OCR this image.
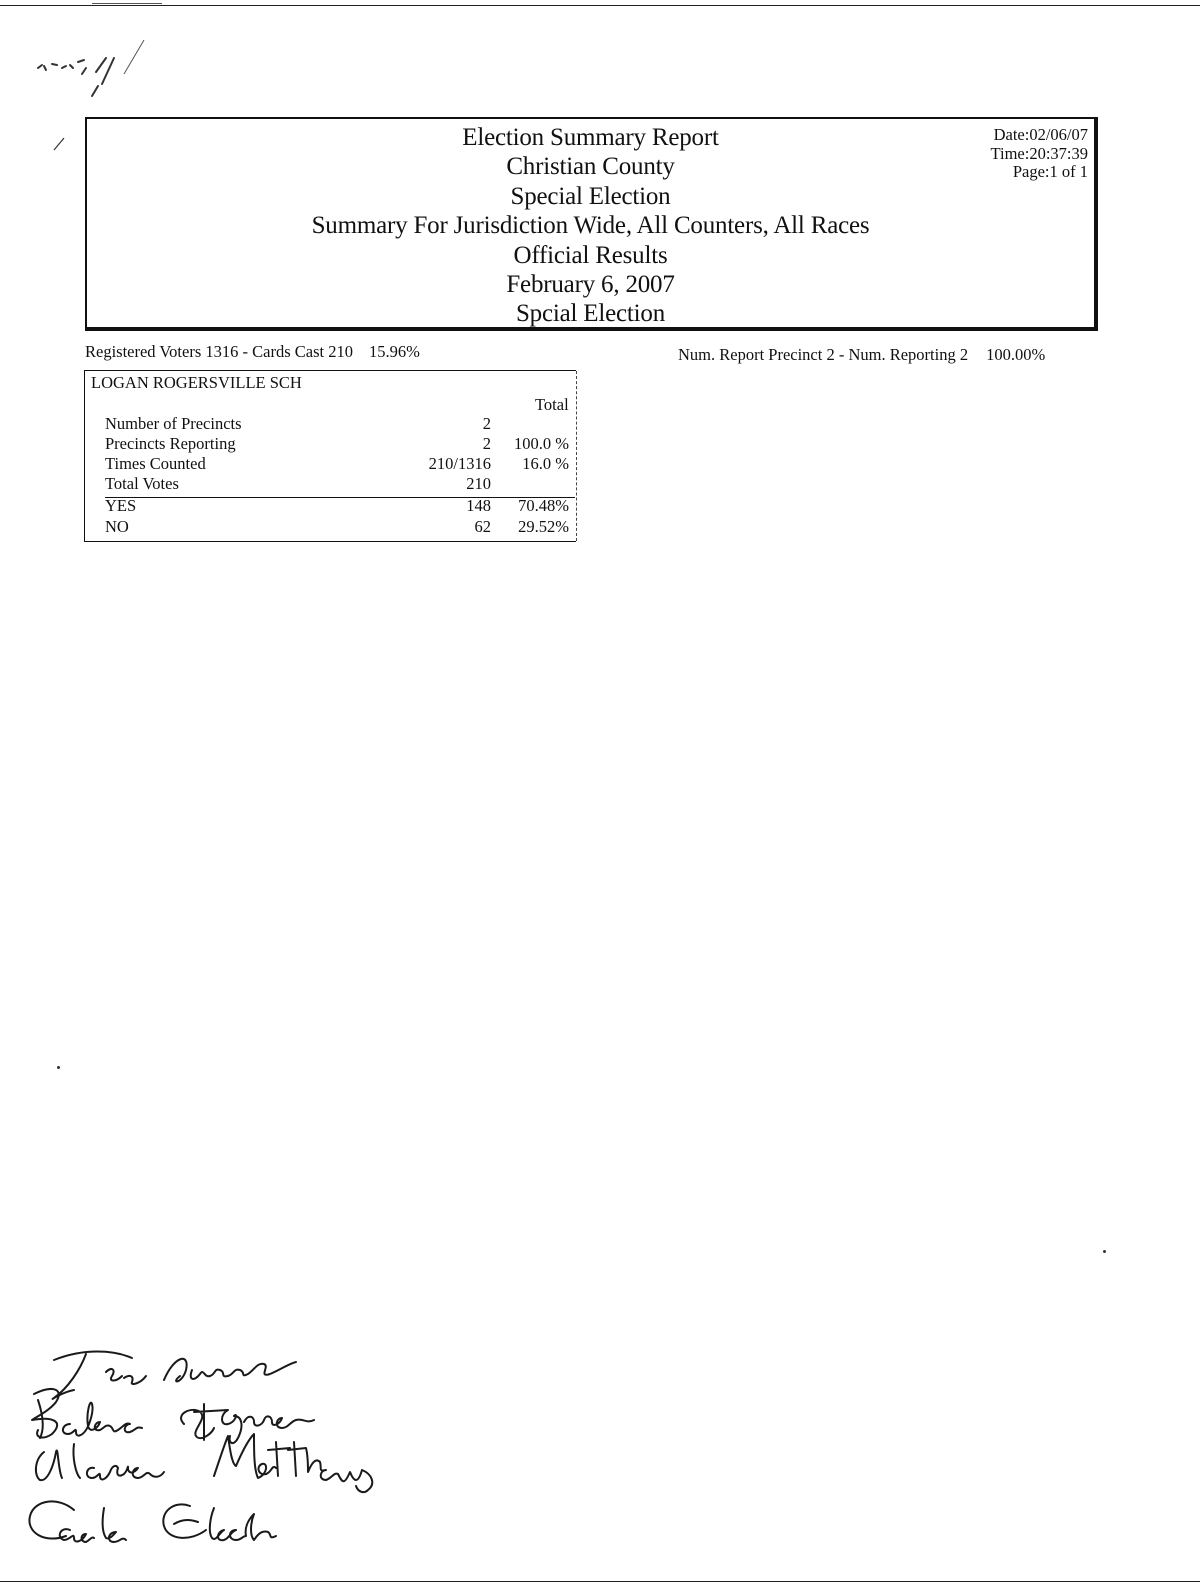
Election Summary Report
Christian County
Special Election
Summary For Jurisdiction Wide, All Counters, All Races
Official Results
February 6, 2007
Spcial Election
Date:02/06/07
Time:20:37:39
Page:1 of 1
Registered Voters 1316 - Cards Cast 210 15.96%	Num. Report Precinct 2 - Num. Reporting 2 100.00%
LOGAN ROGERSVILLE SCH
Total
Number of Precincts	2
Precincts Reporting	2 100.0 %
Times Counted	210/1316 16.0 %
Total Votes	210
YES	148 70.48%
NO	62 29.52%
